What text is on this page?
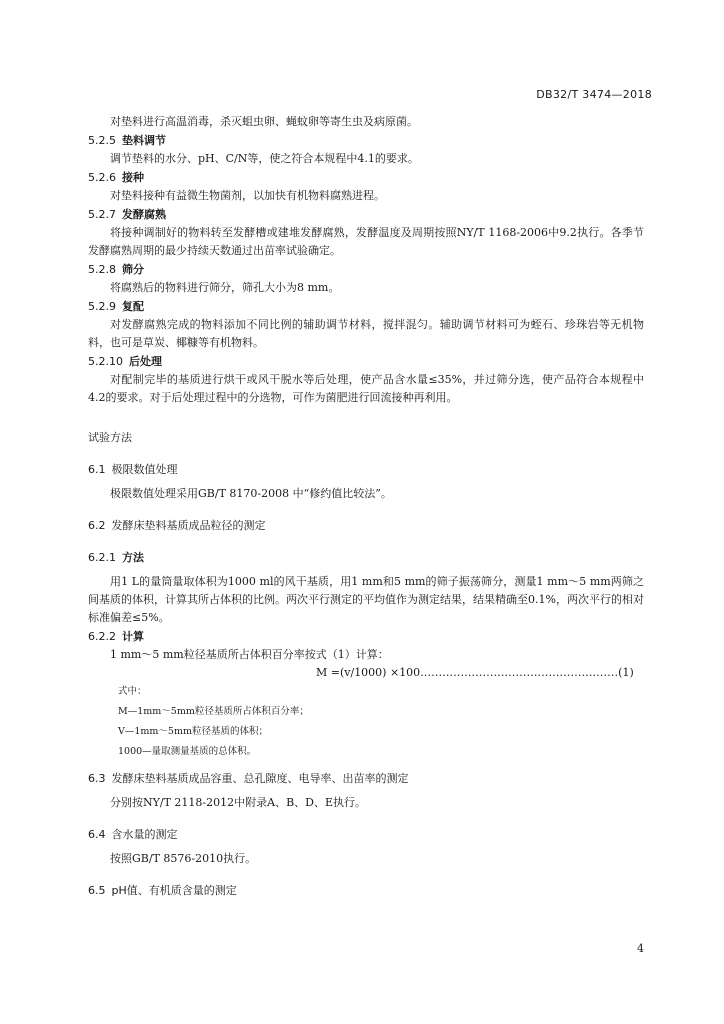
DB32/T 3474—2018

对垫料进行高温消毒，杀灭蛆虫卵、蝇蚊卵等寄生虫及病原菌。

5.2.5 垫料调节

调节垫料的水分、pH、C/N等，使之符合本规程中4.1的要求。

5.2.6 接种

对垫料接种有益微生物菌剂，以加快有机物料腐熟进程。

5.2.7 发酵腐熟

将接种调制好的物料转至发酵槽或建堆发酵腐熟，发酵温度及周期按照NY/T 1168-2006中9.2执行。各季节发酵腐熟周期的最少持续天数通过出苗率试验确定。

5.2.8 筛分

将腐熟后的物料进行筛分，筛孔大小为8 mm。

5.2.9 复配

对发酵腐熟完成的物料添加不同比例的辅助调节材料，搅拌混匀。辅助调节材料可为蛭石、珍珠岩等无机物料，也可是草炭、椰糠等有机物料。

5.2.10 后处理

对配制完毕的基质进行烘干或风干脱水等后处理，使产品含水量≤35%，并过筛分选，使产品符合本规程中4.2的要求。对于后处理过程中的分选物，可作为菌肥进行回流接种再利用。

试验方法

6.1 极限数值处理

极限数值处理采用GB/T 8170-2008 中“修约值比较法”。

6.2 发酵床垫料基质成品粒径的测定

6.2.1 方法

用1 L的量筒量取体积为1000 ml的风干基质，用1 mm和5 mm的筛子振荡筛分，测量1 mm～5 mm两筛之间基质的体积，计算其所占体积的比例。两次平行测定的平均值作为测定结果，结果精确至0.1%，两次平行的相对标准偏差≤5%。

6.2.2 计算

1 mm～5 mm粒径基质所占体积百分率按式（1）计算：

M =(v/1000) ×100………………………………………………(1)

式中：

M—1mm～5mm粒径基质所占体积百分率；

V—1mm～5mm粒径基质的体积；

1000—量取测量基质的总体积。

6.3 发酵床垫料基质成品容重、总孔隙度、电导率、出苗率的测定

分别按NY/T 2118-2012中附录A、B、D、E执行。

6.4 含水量的测定

按照GB/T 8576-2010执行。

6.5 pH值、有机质含量的测定

4
